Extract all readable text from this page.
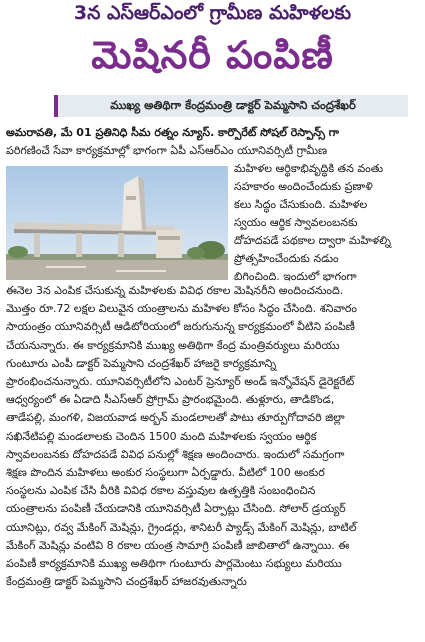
3న ఎస్ఆర్ఎంలో గ్రామీణ మహిళలకు
మెషినరీ పంపిణీ
ముఖ్య అతిథిగా కేంద్రమంత్రి డాక్టర్ పెమ్మసాని చంద్రశేఖర్
అమరావతి, మే 01 ప్రతినిధి సీమ రత్నం న్యూస్. కార్పొరేట్ సోషల్ రెస్పాన్స్ గా
పరిగణించే సేవా కార్యక్రమాల్లో భాగంగా ఏపీ ఎస్ఆర్ఎం యూనివర్సిటీ గ్రామీణ
మహిళల ఆర్థికాభివృద్ధికి తన వంతు
సహకారం అందించేందుకు ప్రణాళి
కలు సిద్ధం చేసుకుంది. మహిళల
స్వయం ఆర్థిక స్వావలంబనకు
దోహదపడే పథకాల ద్వారా మహిళల్ని
ప్రోత్సహించేందుకు నడుం
బిగించింది. ఇందులో భాగంగా
ఈనెల 3న ఎంపిక చేసుకున్న మహిళలకు వివిధ రకాల మెషినరీని అందించనుంది.
మొత్తం రూ.72 లక్షల విలువైన యంత్రాలను మహిళల కోసం సిద్ధం చేసింది. శనివారం
సాయంత్రం యూనివర్సిటీ ఆడిటోరియంలో జరుగునున్న కార్యక్రమంలో వీటిని పంపిణీ
చేయనున్నారు. ఈ కార్యక్రమానికి ముఖ్య అతిథిగా కేంద్ర మంత్రివర్యులు మరియు
గుంటూరు ఎంపీ డాక్టర్ పెమ్మసాని చంద్రశేఖర్ హాజరై కార్యక్రమాన్ని
ప్రారంభించనున్నారు. యూనివర్సిటీలోని ఎంటర్ ప్రెన్యూర్ అండ్ ఇన్నోవేషన్ డైరెక్టరేట్
ఆధ్వర్యంలో ఈ ఏడాది సీఎస్ఆర్ ప్రోగ్రామ్ ప్రారంభమైంది. తుళ్లూరు, తాడికొండ,
తాడేపల్లి, మంగళి, విజయవాడ అర్బన్ మండలాలతో పాటు తూర్పుగోదావరి జిల్లా
సఖినేటిపల్లి మండలాలకు చెందిన 1500 మంది మహిళలకు స్వయం ఆర్థిక
స్వావలంబనకు దోహదపడే వివిధ పనుల్లో శిక్షణ అందించారు. ఇందులో సమగ్రంగా
శిక్షణ పొందిన మహిళలు అంకుర సంస్థలుగా ఏర్పడ్డారు. వీటిలో 100 అంకుర
సంస్థలను ఎంపిక చేసి వీరికి వివిధ రకాల వస్తువుల ఉత్పత్తికి సంబంధించిన
యంత్రాలను పంపిణీ చేయడానికి యూనివర్సిటీ ఏర్పాట్లు చేసింది. సోలార్ డ్రయ్యర్
యూనిట్లు, రవ్వ మేకింగ్ మెషిన్లు, గ్రైండర్లు, శానిటరీ ప్యాడ్స్ మేకింగ్ మెషిన్లు, బాటిల్
మేకింగ్ మెషిన్లు వంటివి 8 రకాల యంత్ర సామాగ్రి పంపిణీ జాబితాలో ఉన్నాయి. ఈ
పంపిణీ కార్యక్రమానికి ముఖ్య అతిథిగా గుంటూరు పార్లమెంటు సభ్యులు మరియు
కేంద్రమంత్రి డాక్టర్ పెమ్మసాని చంద్రశేఖర్ హాజరవుతున్నారు
